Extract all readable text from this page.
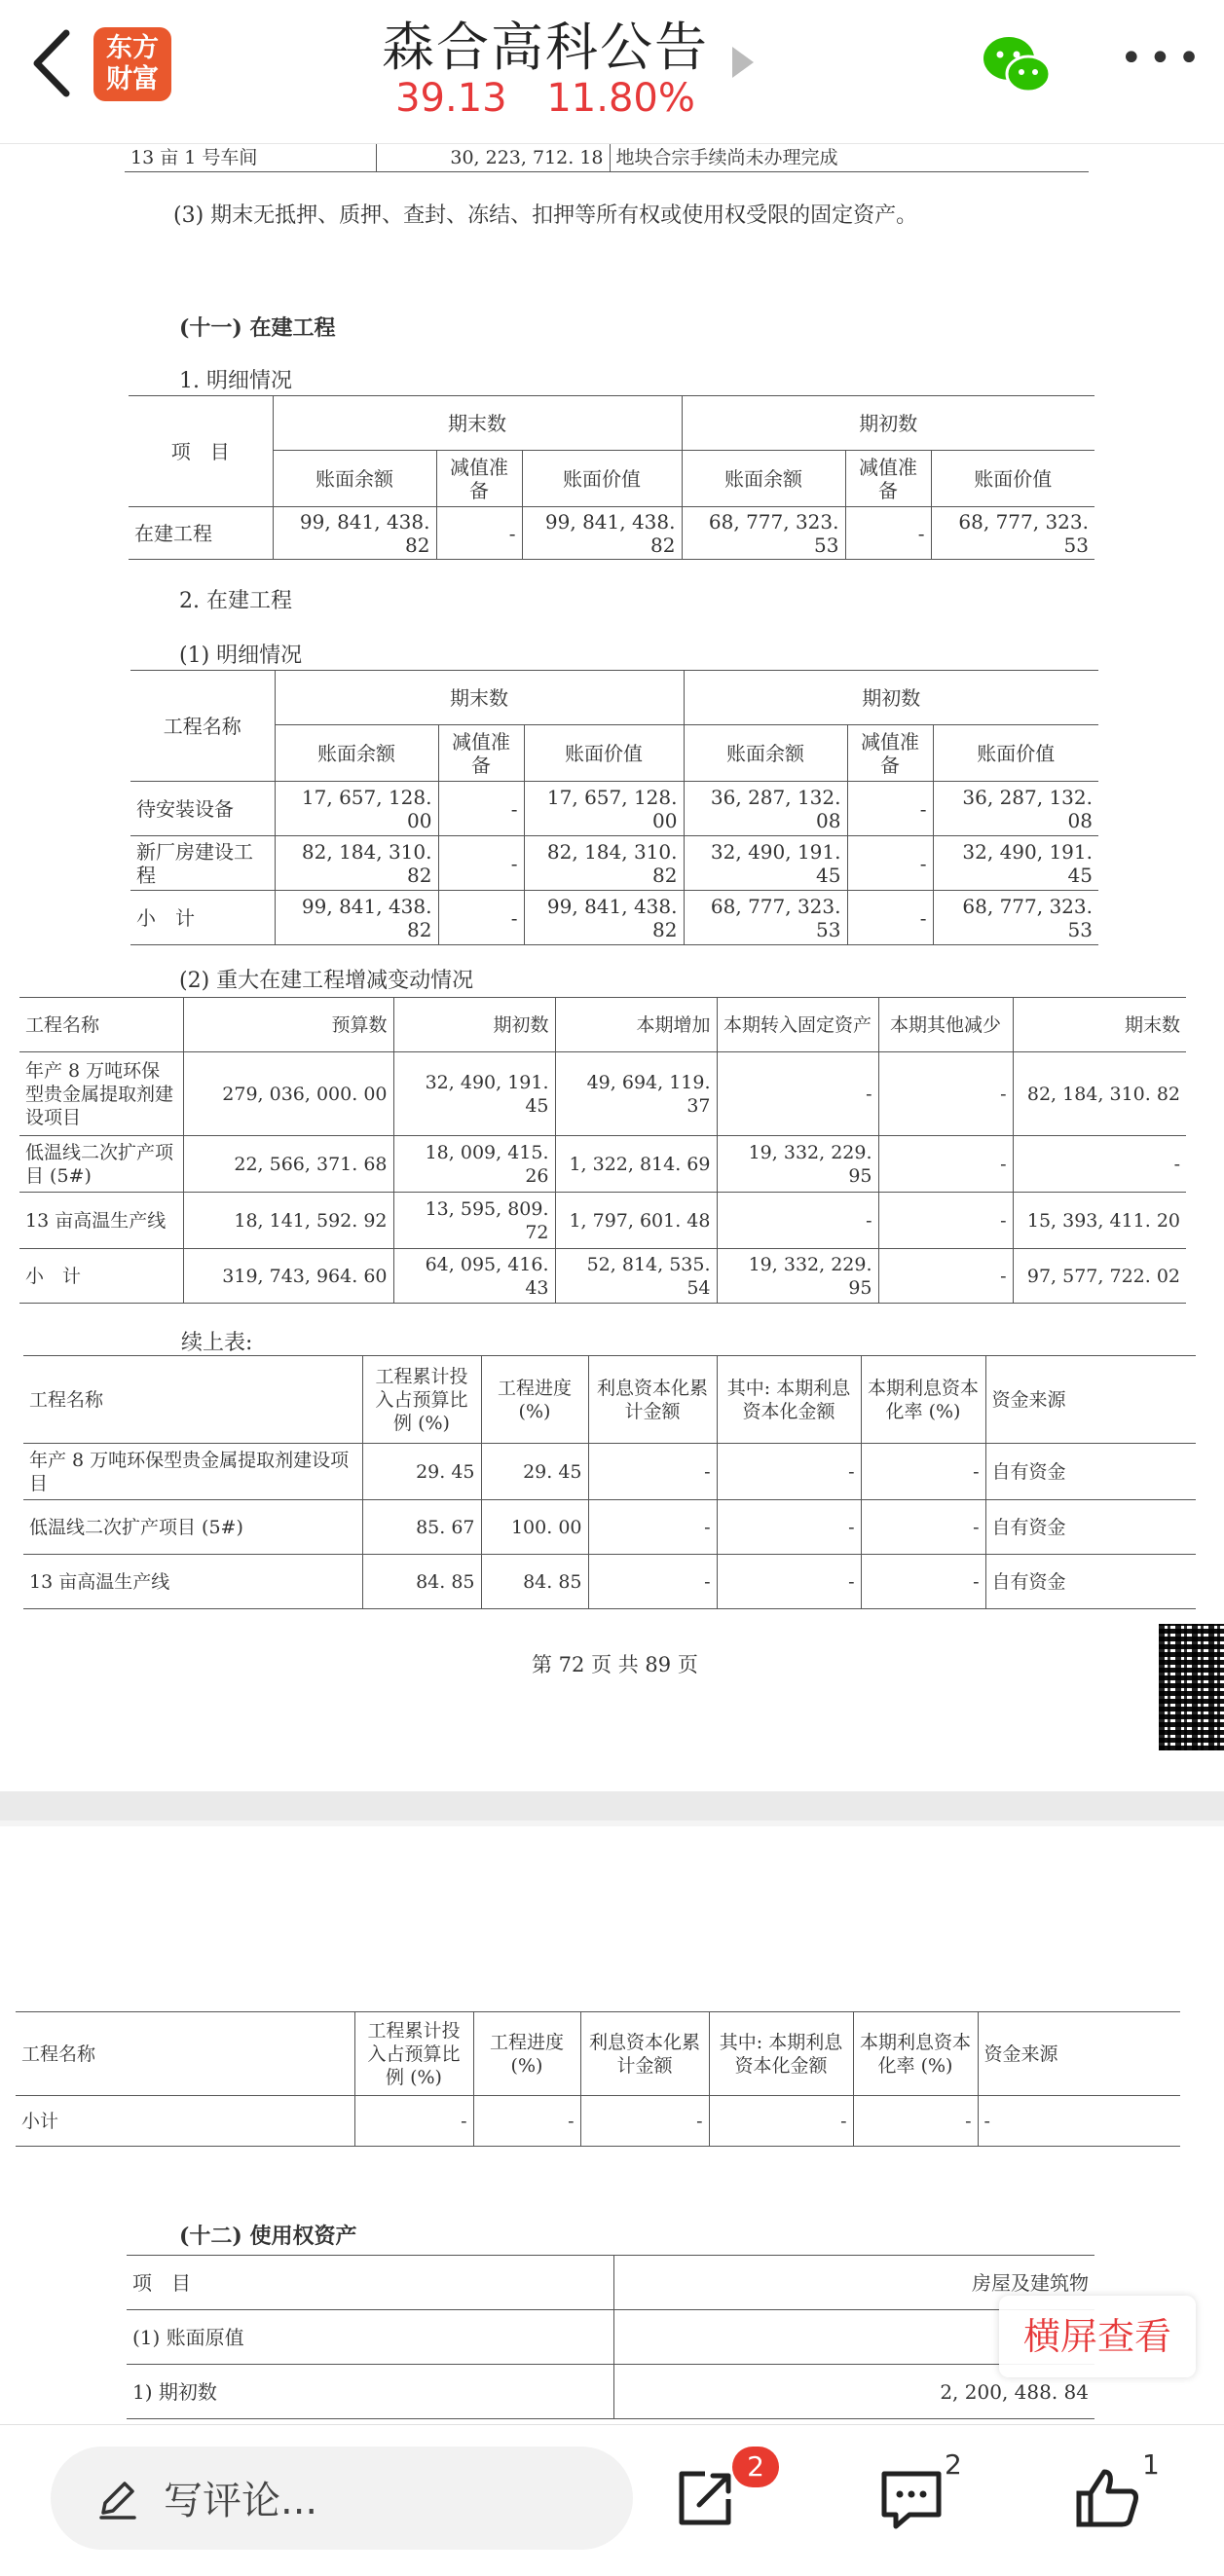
东方
财富
森合高科公告
39.13 11.80%
•••
13 亩 1 号车间	30, 223, 712. 18	地块合宗手续尚未办理完成
(3) 期末无抵押、质押、查封、冻结、扣押等所有权或使用权受限的固定资产。
(十一) 在建工程
1. 明细情况
项　目	期末数			期初数		
	账面余额	减值准备	账面价值	账面余额	减值准备	账面价值
在建工程	99, 841, 438. 82	-	99, 841, 438. 82	68, 777, 323. 53	-	68, 777, 323. 53
2. 在建工程
(1) 明细情况
工程名称	期末数			期初数		
	账面余额	减值准备	账面价值	账面余额	减值准备	账面价值
待安装设备	17, 657, 128. 00	-	17, 657, 128. 00	36, 287, 132. 08	-	36, 287, 132. 08
新厂房建设工程	82, 184, 310. 82	-	82, 184, 310. 82	32, 490, 191. 45	-	32, 490, 191. 45
小　计	99, 841, 438. 82	-	99, 841, 438. 82	68, 777, 323. 53	-	68, 777, 323. 53
(2) 重大在建工程增减变动情况
工程名称	预算数	期初数	本期增加	本期转入固定资产	本期其他减少	期末数
年产 8 万吨环保型贵金属提取剂建设项目	279, 036, 000. 00	32, 490, 191. 45	49, 694, 119. 37	-	-	82, 184, 310. 82
低温线二次扩产项目 (5#)	22, 566, 371. 68	18, 009, 415. 26	1, 322, 814. 69	19, 332, 229. 95	-	-
13 亩高温生产线	18, 141, 592. 92	13, 595, 809. 72	1, 797, 601. 48	-	-	15, 393, 411. 20
小　计	319, 743, 964. 60	64, 095, 416. 43	52, 814, 535. 54	19, 332, 229. 95	-	97, 577, 722. 02
续上表:
工程名称	工程累计投入占预算比例 (%)	工程进度 (%)	利息资本化累计金额	其中: 本期利息资本化金额	本期利息资本化率 (%)	资金来源
年产 8 万吨环保型贵金属提取剂建设项目	29. 45	29. 45	-	-	-	自有资金
低温线二次扩产项目 (5#)	85. 67	100. 00	-	-	-	自有资金
13 亩高温生产线	84. 85	84. 85	-	-	-	自有资金
第 72 页 共 89 页
工程名称	工程累计投入占预算比例 (%)	工程进度 (%)	利息资本化累计金额	其中: 本期利息资本化金额	本期利息资本化率 (%)	资金来源
小计	-	-	-	-	-	-
(十二) 使用权资产
项　目	房屋及建筑物
(1) 账面原值	
1) 期初数	2, 200, 488. 84
横屏查看
写评论...
2	2	1
